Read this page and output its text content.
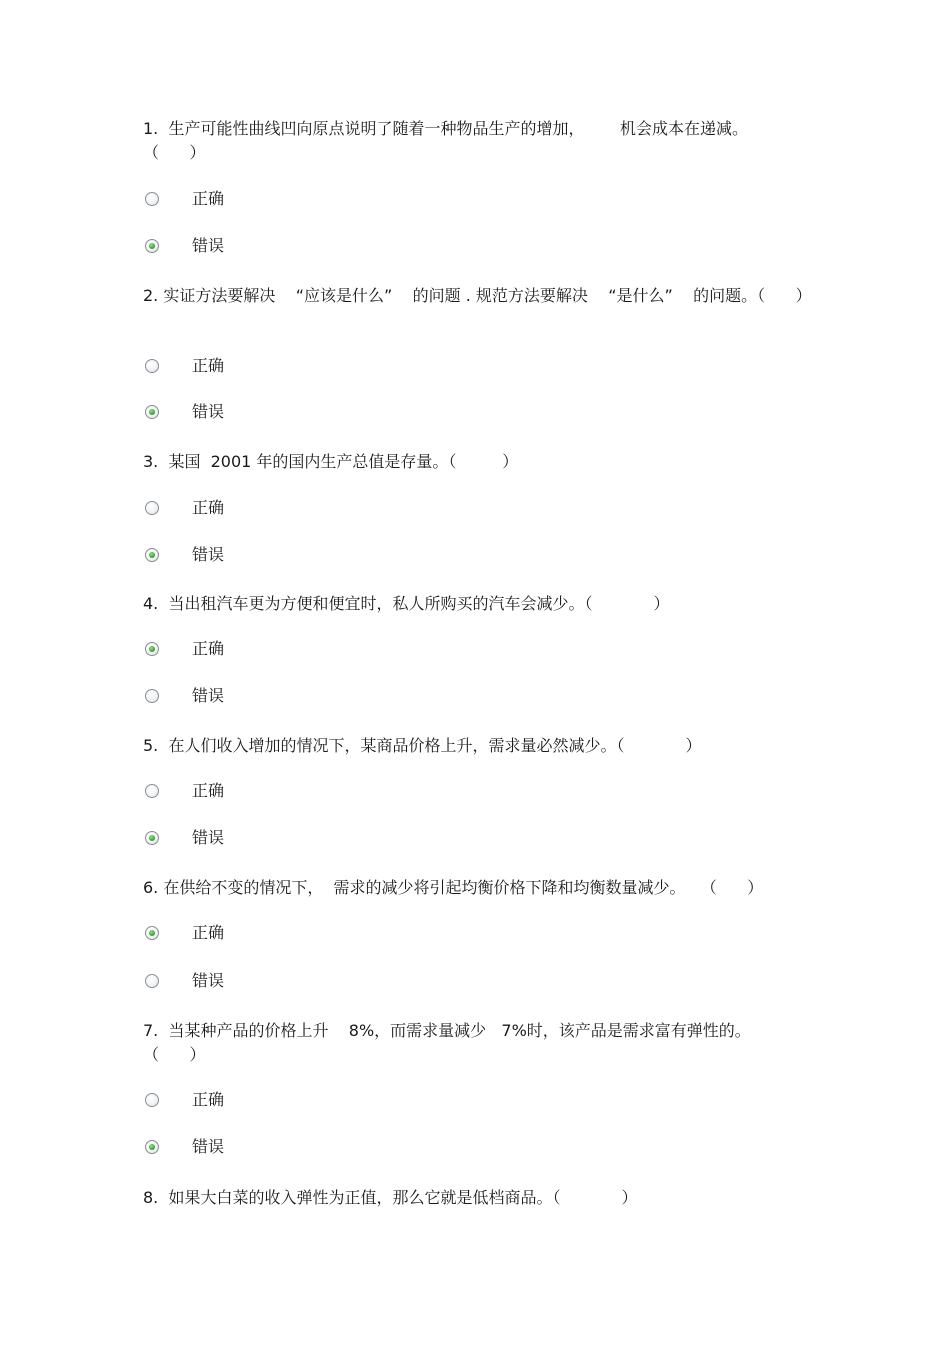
1.  生产可能性曲线凹向原点说明了随着一种物品生产的增加，       机会成本在递减。
（      ）

正确
错误

2. 实证方法要解决    “应该是什么”    的问题 . 规范方法要解决    “是什么”    的问题。（      ）

正确
错误

3.  某国  2001 年的国内生产总值是存量。（         ）

正确
错误

4.  当出租汽车更为方便和便宜时，私人所购买的汽车会减少。（            ）

正确
错误

5.  在人们收入增加的情况下，某商品价格上升，需求量必然减少。（            ）

正确
错误

6. 在供给不变的情况下，  需求的减少将引起均衡价格下降和均衡数量减少。   （      ）

正确
错误

7.  当某种产品的价格上升    8%，而需求量减少   7%时，该产品是需求富有弹性的。
（      ）

正确
错误

8.  如果大白菜的收入弹性为正值，那么它就是低档商品。（            ）
